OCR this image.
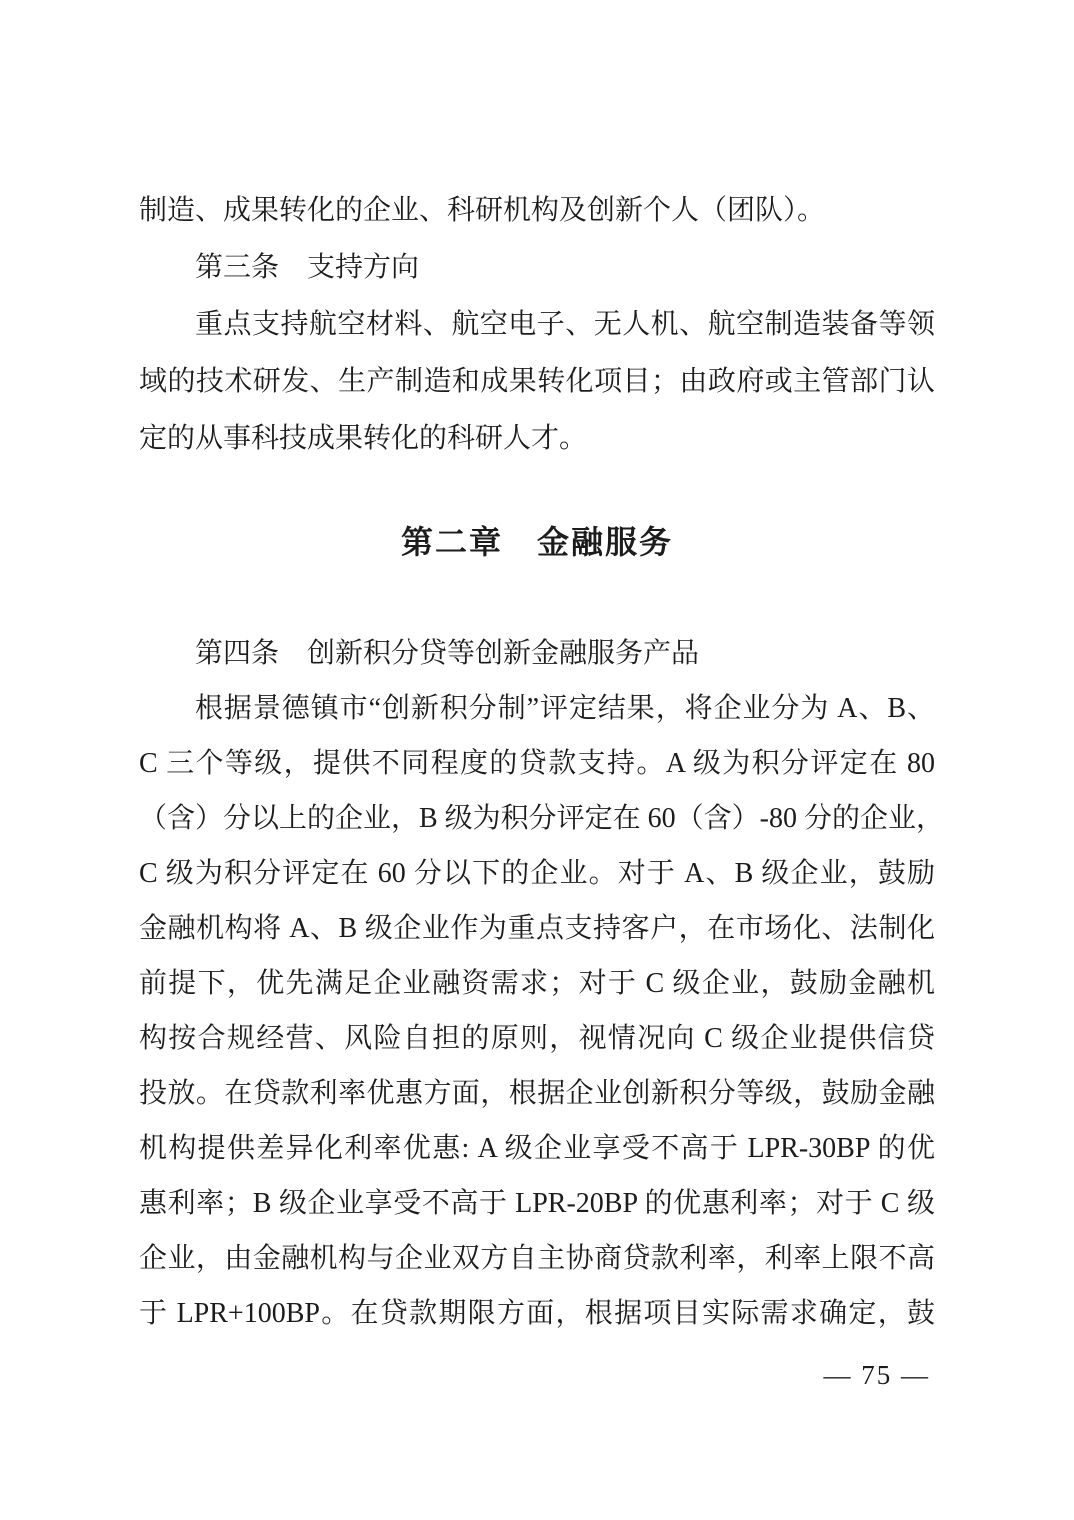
制造、成果转化的企业、科研机构及创新个人（团队）。
第三条　支持方向
重点支持航空材料、航空电子、无人机、航空制造装备等领
域的技术研发、生产制造和成果转化项目；由政府或主管部门认
定的从事科技成果转化的科研人才。
第二章　金融服务
第四条　创新积分贷等创新金融服务产品
根据景德镇市“创新积分制”评定结果，将企业分为 A、B、
C 三个等级，提供不同程度的贷款支持。A 级为积分评定在 80
（含）分以上的企业，B 级为积分评定在 60（含）-80 分的企业，
C 级为积分评定在 60 分以下的企业。对于 A、B 级企业，鼓励
金融机构将 A、B 级企业作为重点支持客户，在市场化、法制化
前提下，优先满足企业融资需求；对于 C 级企业，鼓励金融机
构按合规经营、风险自担的原则，视情况向 C 级企业提供信贷
投放。在贷款利率优惠方面，根据企业创新积分等级，鼓励金融
机构提供差异化利率优惠: A 级企业享受不高于 LPR-30BP 的优
惠利率；B 级企业享受不高于 LPR-20BP 的优惠利率；对于 C 级
企业，由金融机构与企业双方自主协商贷款利率，利率上限不高
于 LPR+100BP。在贷款期限方面，根据项目实际需求确定，鼓
— 75 —
